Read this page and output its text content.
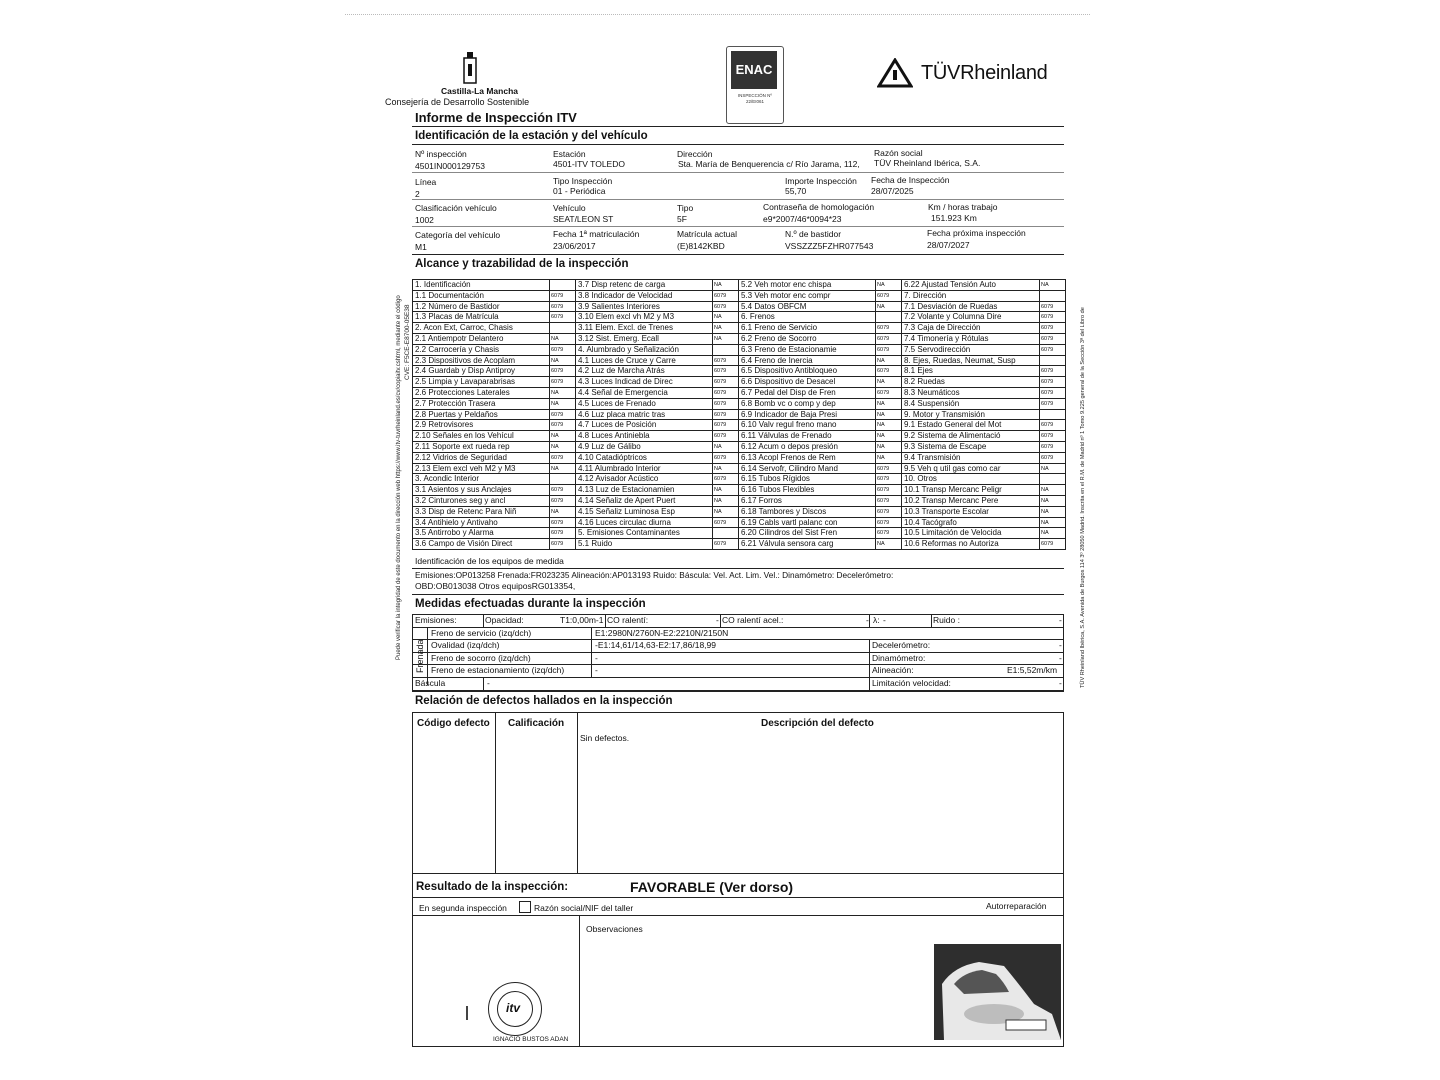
Puede verificar la integridad de este documento en la dirección web https://www.itv-tuvrheinland.es/cv/copiaitv.cshtml, mediante el código CVE: F5CE-E8700-05E38	TÜV Rheinland Ibérica, S.A. Avenida de Burgos 114 3º 28050 Madrid. Inscrita en el R.M. de Madrid nº 1 Tomo 9.225 general de la Sección 3ª del Libro de
Castilla-La Mancha
Consejería de Desarrollo Sostenible
ENAC
INSPECCIÓN Nº 22/EI061
TÜVRheinland
Informe de Inspección ITV
Identificación de la estación y del vehículo
Nº inspección
4501IN000129753
Estación
4501-ITV TOLEDO
Dirección
Sta. María de Benquerencia c/ Río Jarama, 112,
Razón social
TÜV Rheinland Ibérica, S.A.
Línea
2
Tipo Inspección
01 - Periódica
Importe Inspección
55,70
Fecha de Inspección
28/07/2025
Clasificación vehículo
1002
Vehículo
SEAT/LEON ST
Tipo
5F
Contraseña de homologación
e9*2007/46*0094*23
Km / horas trabajo
151.923 Km
Categoría del vehículo
M1
Fecha 1ª matriculación
23/06/2017
Matrícula actual
(E)8142KBD
N.º de bastidor
VSSZZZ5FZHR077543
Fecha próxima inspección
28/07/2027
Alcance y trazabilidad de la inspección
1. Identificación	3.7 Disp retenc de carga	NA	5.2 Veh motor enc chispa	NA	6.22 Ajustad Tensión Auto	NA
1.1 Documentación	6079	3.8 Indicador de Velocidad	6079	5.3 Veh motor enc compr	6079	7. Dirección
1.2 Número de Bastidor	6079	3.9 Salientes Interiores	6079	5.4 Datos OBFCM	NA	7.1 Desviación de Ruedas	6079
1.3 Placas de Matrícula	6079	3.10 Elem excl vh M2 y M3	NA	6. Frenos	7.2 Volante y Columna Dire	6079
2. Acon Ext, Carroc, Chasis	3.11 Elem. Excl. de Trenes	NA	6.1 Freno de Servicio	6079	7.3 Caja de Dirección	6079
2.1 Antiempotr Delantero	NA	3.12 Sist. Emerg. Ecall	NA	6.2 Freno de Socorro	6079	7.4 Timonería y Rótulas	6079
2.2 Carrocería y Chasis	6079	4. Alumbrado y Señalización	6.3 Freno de Estacionamie	6079	7.5 Servodirección	6079
2.3 Dispositivos de Acoplam	NA	4.1 Luces de Cruce y Carre	6079	6.4 Freno de Inercia	NA	8. Ejes, Ruedas, Neumat, Susp
2.4 Guardab y Disp Antiproy	6079	4.2 Luz de Marcha Atrás	6079	6.5 Dispositivo Antibloqueo	6079	8.1 Ejes	6079
2.5 Limpia y Lavaparabrisas	6079	4.3 Luces Indicad de Direc	6079	6.6 Dispositivo de Desacel	NA	8.2 Ruedas	6079
2.6 Protecciones Laterales	NA	4.4 Señal de Emergencia	6079	6.7 Pedal del Disp de Fren	6079	8.3 Neumáticos	6079
2.7 Protección Trasera	NA	4.5 Luces de Frenado	6079	6.8 Bomb vc o comp y dep	NA	8.4 Suspensión	6079
2.8 Puertas y Peldaños	6079	4.6 Luz placa matric tras	6079	6.9 Indicador de Baja Presi	NA	9. Motor y Transmisión
2.9 Retrovisores	6079	4.7 Luces de Posición	6079	6.10 Valv regul freno mano	NA	9.1 Estado General del Mot	6079
2.10 Señales en los Vehícul	NA	4.8 Luces Antiniebla	6079	6.11 Válvulas de Frenado	NA	9.2 Sistema de Alimentació	6079
2.11 Soporte ext rueda rep	NA	4.9 Luz de Gálibo	NA	6.12 Acum o depos presión	NA	9.3 Sistema de Escape	6079
2.12 Vidrios de Seguridad	6079	4.10 Catadióptricos	6079	6.13 Acopl Frenos de Rem	NA	9.4 Transmisión	6079
2.13 Elem excl veh M2 y M3	NA	4.11 Alumbrado Interior	NA	6.14 Servofr, Cilindro Mand	6079	9.5 Veh q util gas como car	NA
3. Acondic Interior	4.12 Avisador Acústico	6079	6.15 Tubos Rígidos	6079	10. Otros
3.1 Asientos y sus Anclajes	6079	4.13 Luz de Estacionamien	NA	6.16 Tubos Flexibles	6079	10.1 Transp Mercanc Peligr	NA
3.2 Cinturones seg y ancl	6079	4.14 Señaliz de Apert Puert	NA	6.17 Forros	6079	10.2 Transp Mercanc Pere	NA
3.3 Disp de Retenc Para Niñ	NA	4.15 Señaliz Luminosa Esp	NA	6.18 Tambores y Discos	6079	10.3 Transporte Escolar	NA
3.4 Antihielo y Antivaho	6079	4.16 Luces circulac diurna	6079	6.19 Cabls vartl palanc con	6079	10.4 Tacógrafo	NA
3.5 Antirrobo y Alarma	6079	5. Emisiones Contaminantes	6.20 Cilindros del Sist Fren	6079	10.5 Limitación de Velocida	NA
3.6 Campo de Visión Direct	6079	5.1 Ruido	6079	6.21 Válvula sensora carg	NA	10.6 Reformas no Autoriza	6079
Identificación de los equipos de medida
Emisiones:OP013258 Frenada:FR023235 Alineación:AP013193 Ruido: Báscula: Vel. Act. Lim. Vel.: Dinamómetro: Decelerómetro:
OBD:OB013038 Otros equiposRG013354,
Medidas efectuadas durante la inspección
Emisiones:	Opacidad:	T1:0,00m-1 CO ralentí:	- CO ralentí acel.:	- λ: -	Ruido :	-
Freno de servicio (izq/dch)	E1:2980N/2760N-E2:2210N/2150N
Ovalidad (izq/dch)	-E1:14,61/14,63-E2:17,86/18,99	Decelerómetro:	-
Freno de socorro (izq/dch)	-	Dinamómetro:	-
Freno de estacionamiento (izq/dch)	-	Alineación:	E1:5,52m/km
Báscula	-	Limitación velocidad:	-
Frenada
Relación de defectos hallados en la inspección
Código defecto Calificación	Descripción del defecto
Sin defectos.
Resultado de la inspección:	FAVORABLE (Ver dorso)
En segunda inspección	Razón social/NIF del taller	Autorreparación
Observaciones
itv
IGNACIO BUSTOS ADAN
